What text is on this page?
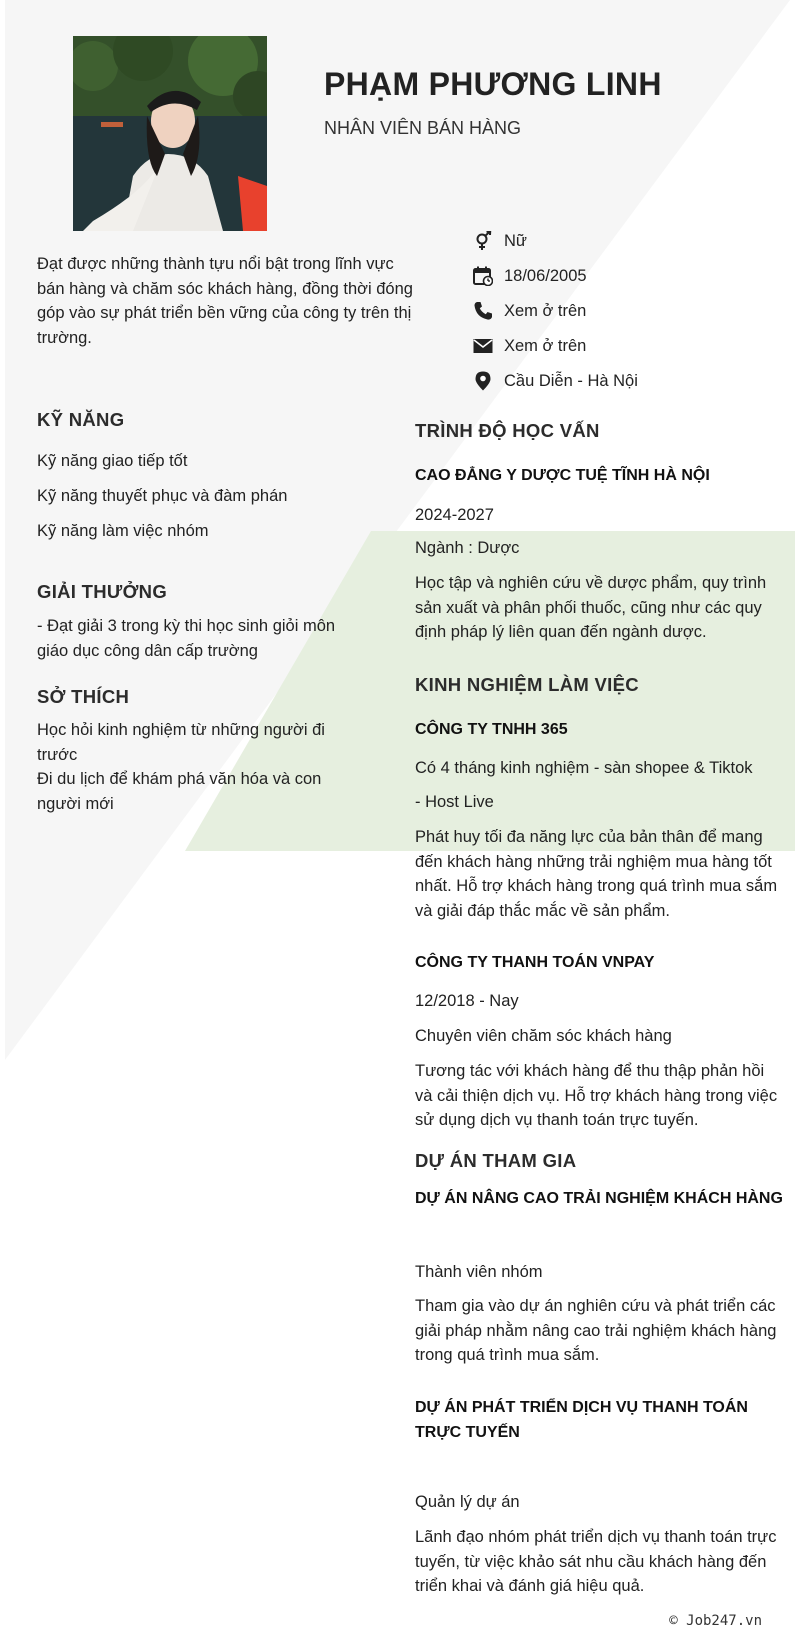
PHẠM PHƯƠNG LINH
NHÂN VIÊN BÁN HÀNG
Đạt được những thành tựu nổi bật trong lĩnh vực bán hàng và chăm sóc khách hàng, đồng thời đóng góp vào sự phát triển bền vững của công ty trên thị trường.
Nữ
18/06/2005
Xem ở trên
Xem ở trên
Cầu Diễn - Hà Nội
KỸ NĂNG
Kỹ năng giao tiếp tốt
Kỹ năng thuyết phục và đàm phán
Kỹ năng làm việc nhóm
GIẢI THƯỞNG
- Đạt giải 3 trong kỳ thi học sinh giỏi môn giáo dục công dân cấp trường
SỞ THÍCH
Học hỏi kinh nghiệm từ những người đi trước
Đi du lịch để khám phá văn hóa và con người mới
TRÌNH ĐỘ HỌC VẤN
CAO ĐẲNG Y DƯỢC TUỆ TĨNH HÀ NỘI
2024-2027
Ngành : Dược
Học tập và nghiên cứu về dược phẩm, quy trình sản xuất và phân phối thuốc, cũng như các quy định pháp lý liên quan đến ngành dược.
KINH NGHIỆM LÀM VIỆC
CÔNG TY TNHH 365
Có 4 tháng kinh nghiệm - sàn shopee & Tiktok
- Host Live
Phát huy tối đa năng lực của bản thân để mang đến khách hàng những trải nghiệm mua hàng tốt nhất. Hỗ trợ khách hàng trong quá trình mua sắm và giải đáp thắc mắc về sản phẩm.
CÔNG TY THANH TOÁN VNPAY
12/2018 - Nay
Chuyên viên chăm sóc khách hàng
Tương tác với khách hàng để thu thập phản hồi và cải thiện dịch vụ. Hỗ trợ khách hàng trong việc sử dụng dịch vụ thanh toán trực tuyến.
DỰ ÁN THAM GIA
DỰ ÁN NÂNG CAO TRẢI NGHIỆM KHÁCH HÀNG
Thành viên nhóm
Tham gia vào dự án nghiên cứu và phát triển các giải pháp nhằm nâng cao trải nghiệm khách hàng trong quá trình mua sắm.
DỰ ÁN PHÁT TRIỂN DỊCH VỤ THANH TOÁN TRỰC TUYẾN
Quản lý dự án
Lãnh đạo nhóm phát triển dịch vụ thanh toán trực tuyến, từ việc khảo sát nhu cầu khách hàng đến triển khai và đánh giá hiệu quả.
© Job247.vn
